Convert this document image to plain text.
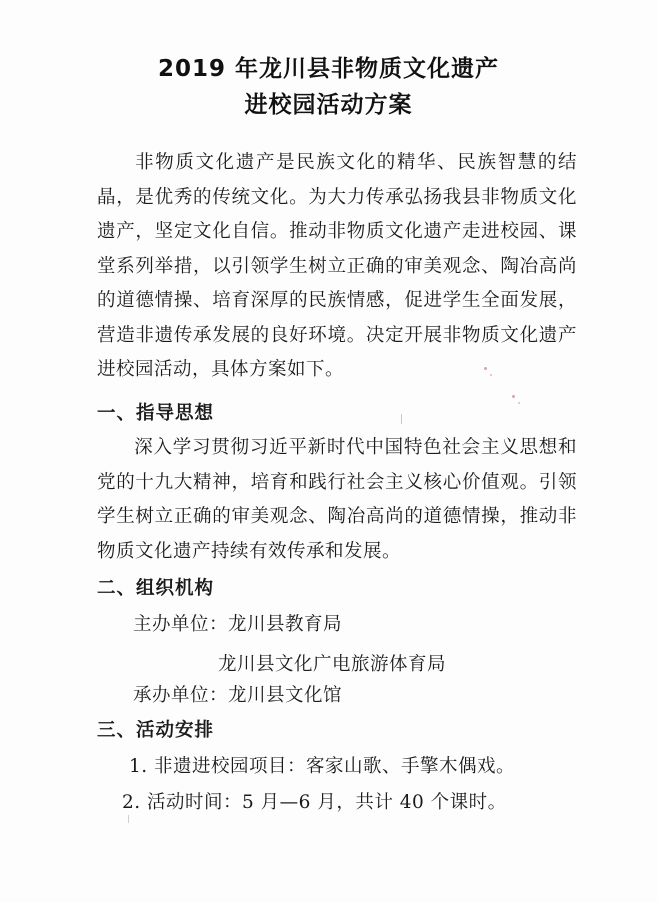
2019 年龙川县非物质文化遗产
进校园活动方案
非物质文化遗产是民族文化的精华、民族智慧的结晶，是优秀的传统文化。为大力传承弘扬我县非物质文化遗产，坚定文化自信。推动非物质文化遗产走进校园、课堂系列举措，以引领学生树立正确的审美观念、陶冶高尚的道德情操、培育深厚的民族情感，促进学生全面发展，营造非遗传承发展的良好环境。决定开展非物质文化遗产进校园活动，具体方案如下。
一、指导思想
深入学习贯彻习近平新时代中国特色社会主义思想和党的十九大精神，培育和践行社会主义核心价值观。引领学生树立正确的审美观念、陶冶高尚的道德情操，推动非物质文化遗产持续有效传承和发展。
二、组织机构
主办单位：龙川县教育局
龙川县文化广电旅游体育局
承办单位：龙川县文化馆
三、活动安排
1. 非遗进校园项目：客家山歌、手擎木偶戏。
2. 活动时间：5 月—6 月，共计 40 个课时。
